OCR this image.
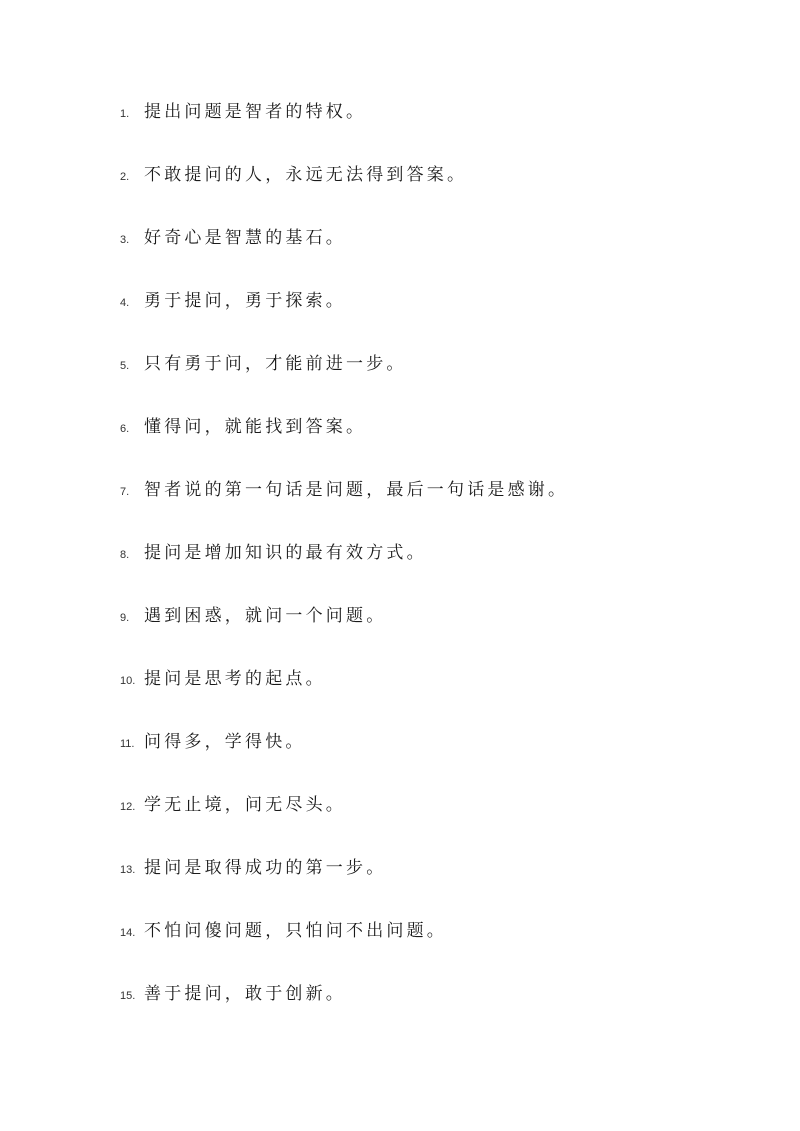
1. 提出问题是智者的特权。
2. 不敢提问的人，永远无法得到答案。
3. 好奇心是智慧的基石。
4. 勇于提问，勇于探索。
5. 只有勇于问，才能前进一步。
6. 懂得问，就能找到答案。
7. 智者说的第一句话是问题，最后一句话是感谢。
8. 提问是增加知识的最有效方式。
9. 遇到困惑，就问一个问题。
10. 提问是思考的起点。
11. 问得多，学得快。
12. 学无止境，问无尽头。
13. 提问是取得成功的第一步。
14. 不怕问傻问题，只怕问不出问题。
15. 善于提问，敢于创新。
